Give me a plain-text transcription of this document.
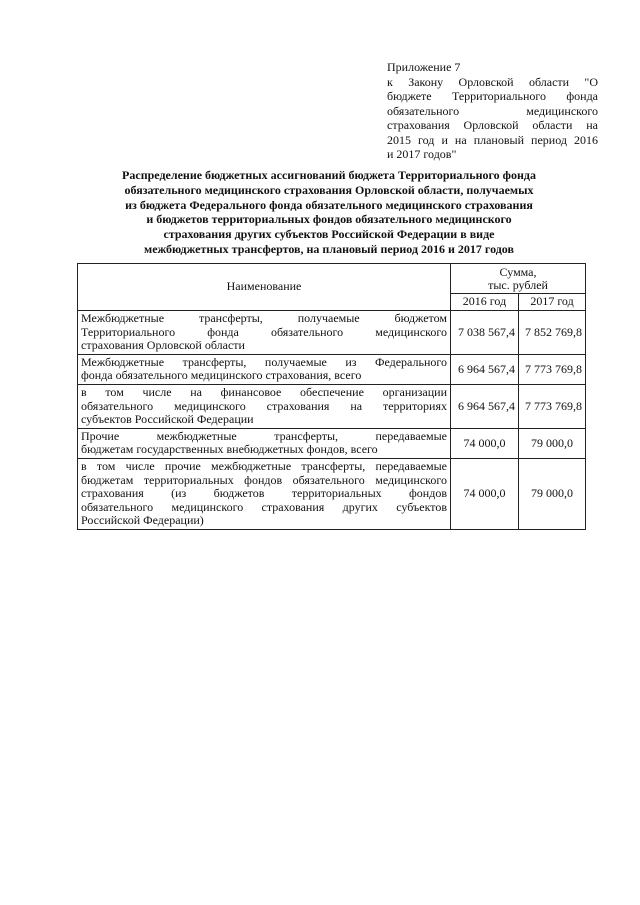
Приложение 7
к Закону Орловской области "О
бюджете Территориального фонда
обязательного медицинского
страхования Орловской области на
2015 год и на плановый период 2016
и 2017 годов"
Распределение бюджетных ассигнований бюджета Территориального фонда
обязательного медицинского страхования Орловской области, получаемых
из бюджета Федерального фонда обязательного медицинского страхования
и бюджетов территориальных фондов обязательного медицинского
страхования других субъектов Российской Федерации в виде
межбюджетных трансфертов, на плановый период 2016 и 2017 годов
Наименование	Сумма,
тыс. рублей	

	2016 год	2017 год

Межбюджетные трансферты, получаемые бюджетом
Территориального фонда обязательного медицинского
страхования Орловской области	7 038 567,4	7 852 769,8

Межбюджетные трансферты, получаемые из Федерального
фонда обязательного медицинского страхования, всего	6 964 567,4	7 773 769,8

в том числе на финансовое обеспечение организации
обязательного медицинского страхования на территориях
субъектов Российской Федерации	6 964 567,4	7 773 769,8

Прочие межбюджетные трансферты, передаваемые
бюджетам государственных внебюджетных фондов, всего	74 000,0	79 000,0

в том числе прочие межбюджетные трансферты, передаваемые
бюджетам территориальных фондов обязательного медицинского
страхования (из бюджетов территориальных фондов
обязательного медицинского страхования других субъектов
Российской Федерации)	74 000,0	79 000,0
